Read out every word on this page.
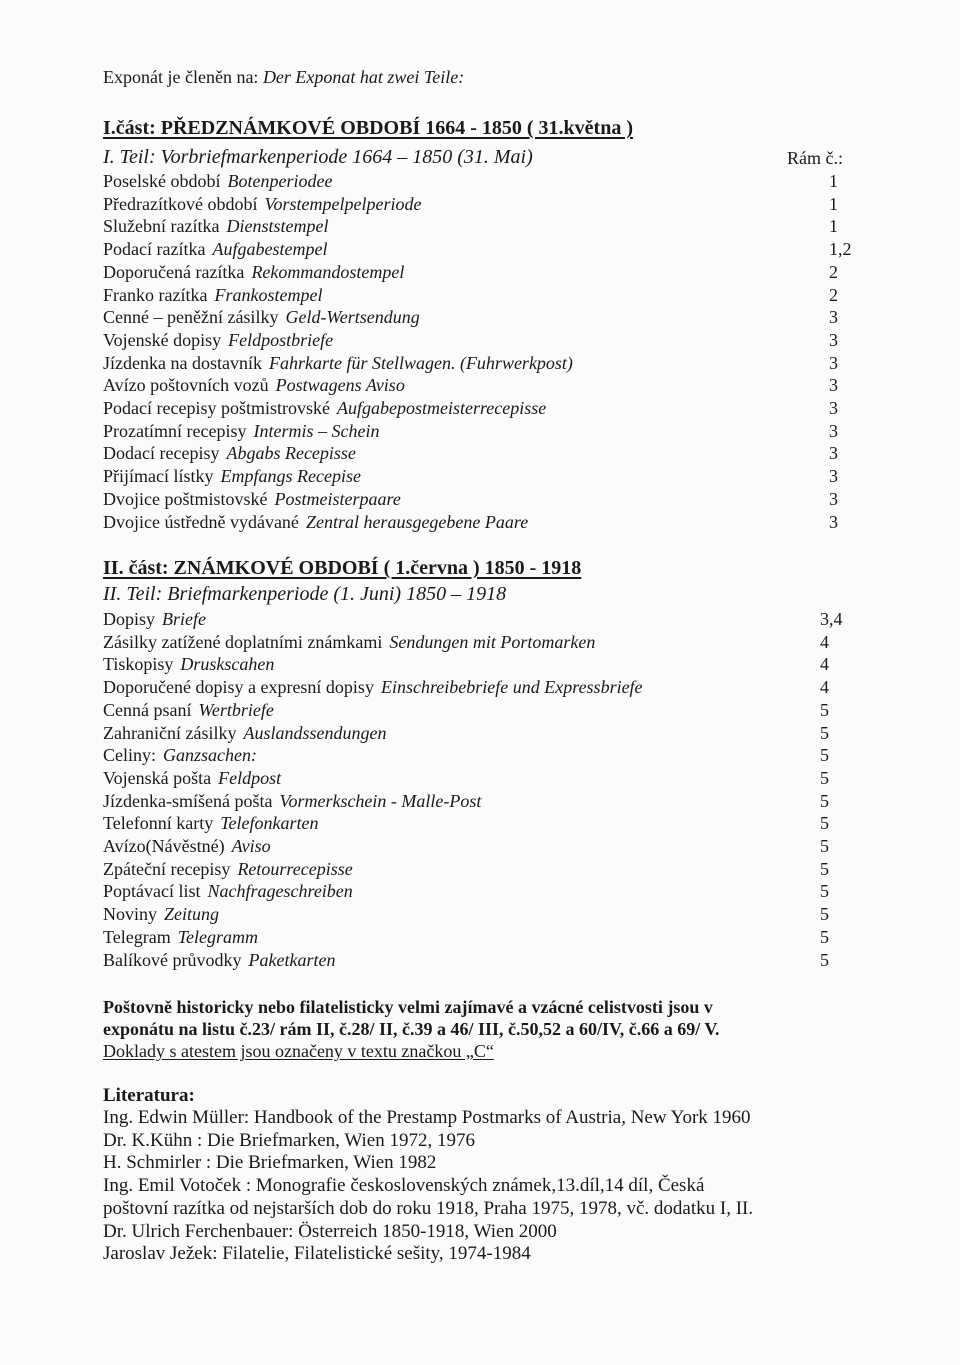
Exponát je členěn na: Der Exponat hat zwei Teile:
I.část: PŘEDZNÁMKOVÉ OBDOBÍ 1664 - 1850 ( 31.května )
I. Teil: Vorbriefmarkenperiode 1664 – 1850 (31. Mai)	Rám č.:
Poselské období Botenperiodee	1
Předrazítkové období Vorstempelpelperiode	1
Služební razítka Dienststempel	1
Podací razítka Aufgabestempel	1,2
Doporučená razítka Rekommandostempel	2
Franko razítka Frankostempel	2
Cenné – peněžní zásilky Geld-Wertsendung	3
Vojenské dopisy Feldpostbriefe	3
Jízdenka na dostavník Fahrkarte für Stellwagen. (Fuhrwerkpost)	3
Avízo poštovních vozů Postwagens Aviso	3
Podací recepisy poštmistrovské Aufgabepostmeisterrecepisse	3
Prozatímní recepisy Intermis – Schein	3
Dodací recepisy Abgabs Recepisse	3
Přijímací lístky Empfangs Recepise	3
Dvojice poštmistovské Postmeisterpaare	3
Dvojice ústředně vydávané Zentral herausgegebene Paare	3
II. část: ZNÁMKOVÉ OBDOBÍ ( 1.června ) 1850 - 1918
II. Teil: Briefmarkenperiode (1. Juni) 1850 – 1918
Dopisy Briefe	3,4
Zásilky zatížené doplatními známkami Sendungen mit Portomarken	4
Tiskopisy Druskscahen	4
Doporučené dopisy a expresní dopisy Einschreibebriefe und Expressbriefe	4
Cenná psaní Wertbriefe	5
Zahraniční zásilky Auslandssendungen	5
Celiny: Ganzsachen:	5
Vojenská pošta Feldpost	5
Jízdenka-smíšená pošta Vormerkschein - Malle-Post	5
Telefonní karty Telefonkarten	5
Avízo(Návěstné) Aviso	5
Zpáteční recepisy Retourrecepisse	5
Poptávací list Nachfrageschreiben	5
Noviny Zeitung	5
Telegram Telegramm	5
Balíkové průvodky Paketkarten	5
Poštovně historicky nebo filatelisticky velmi zajímavé a vzácné celistvosti jsou v
exponátu na listu č.23/ rám II, č.28/ II, č.39 a 46/ III, č.50,52 a 60/IV, č.66 a 69/ V.
Doklady s atestem jsou označeny v textu značkou „C“
Literatura:
Ing. Edwin Müller: Handbook of the Prestamp Postmarks of Austria, New York 1960
Dr. K.Kühn : Die Briefmarken, Wien 1972, 1976
H. Schmirler : Die Briefmarken, Wien 1982
Ing. Emil Votoček : Monografie československých známek,13.díl,14 díl, Česká
poštovní razítka od nejstarších dob do roku 1918, Praha 1975, 1978, vč. dodatku I, II.
Dr. Ulrich Ferchenbauer: Österreich 1850-1918, Wien 2000
Jaroslav Ježek: Filatelie, Filatelistické sešity, 1974-1984
